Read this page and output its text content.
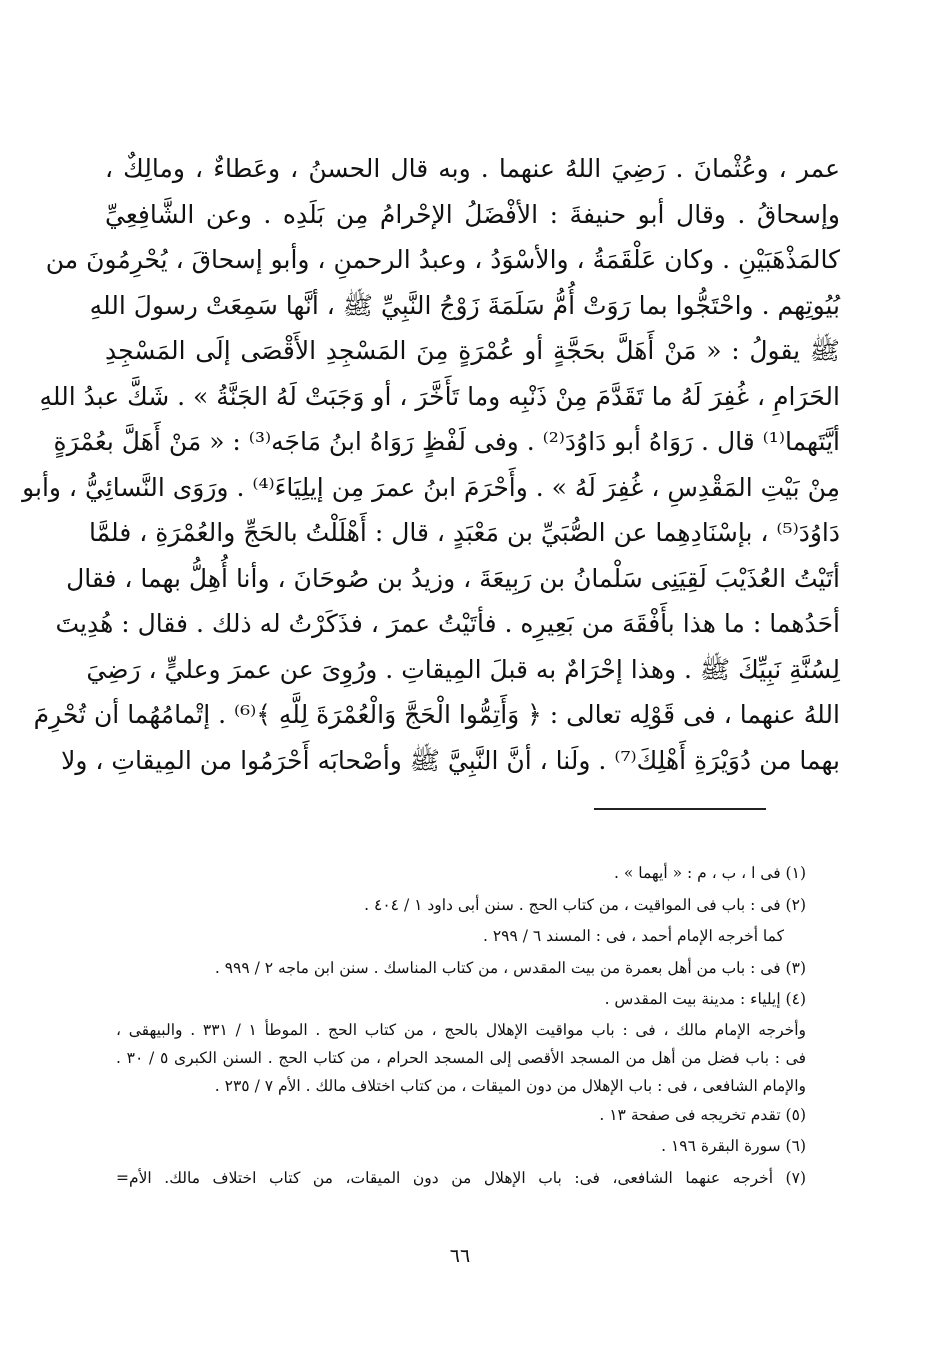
عمر ، وعُثْمانَ . رَضِيَ اللهُ عنهما . وبه قال الحسنُ ، وعَطاءٌ ، ومالِكٌ ،
وإسحاقُ . وقال أبو حنيفةَ : الأفْضَلُ الإحْرامُ مِن بَلَدِه . وعن الشَّافِعِيِّ
كالمَذْهَبَيْنِ . وكان عَلْقَمَةُ ، والأسْوَدُ ، وعبدُ الرحمنِ ، وأبو إسحاقَ ، يُحْرِمُونَ من
بُيُوتِهم . واحْتَجُّوا بما رَوَتْ أُمُّ سَلَمَةَ زَوْجُ النَّبِيِّ ﷺ ، أنَّها سَمِعَتْ رسولَ اللهِ
ﷺ يقولُ : « مَنْ أَهَلَّ بحَجَّةٍ أو عُمْرَةٍ مِنَ المَسْجِدِ الأَقْصَى إلَى المَسْجِدِ
الحَرَامِ ، غُفِرَ لَهُ ما تَقَدَّمَ مِنْ ذَنْبِه وما تَأَخَّرَ ، أو وَجَبَتْ لَهُ الجَنَّةُ » . شَكَّ عبدُ اللهِ
أيَّتَهما⁽¹⁾ قال . رَوَاهُ أبو دَاوُدَ⁽²⁾ . وفى لَفْظٍ رَوَاهُ ابنُ مَاجَه⁽³⁾ : « مَنْ أَهَلَّ بعُمْرَةٍ
مِنْ بَيْتِ المَقْدِسِ ، غُفِرَ لَهُ » . وأَحْرَمَ ابنُ عمرَ مِن إيلِيَاءَ⁽⁴⁾ . ورَوَى النَّسائِيُّ ، وأبو
دَاوُدَ⁽⁵⁾ ، بإسْنَادِهِما عن الصُّبَيِّ بن مَعْبَدٍ ، قال : أَهْلَلْتُ بالحَجِّ والعُمْرَةِ ، فلمَّا
أتَيْتُ العُذَيْبَ لَقِيَنِى سَلْمانُ بن رَبِيعَةَ ، وزيدُ بن صُوحَانَ ، وأنا أُهِلُّ بهما ، فقال
أحَدُهما : ما هذا بأَفْقَهَ من بَعِيرِه . فأتَيْتُ عمرَ ، فذَكَرْتُ له ذلك . فقال : هُدِيتَ
لِسُنَّةِ نَبِيِّكَ ﷺ . وهذا إحْرَامٌ به قبلَ المِيقاتِ . ورُوِىَ عن عمرَ وعليٍّ ، رَضِيَ
اللهُ عنهما ، فى قَوْلِه تعالى : ﴿ وَأَتِمُّوا الْحَجَّ وَالْعُمْرَةَ لِلَّهِ ﴾⁽⁶⁾ . إتْمامُهُما أن تُحْرِمَ
بهما من دُوَيْرَةِ أَهْلِكَ⁽⁷⁾ . ولَنا ، أنَّ النَّبِيَّ ﷺ وأصْحابَه أَحْرَمُوا من المِيقاتِ ، ولا
(١) فى ا ، ب ، م : « أيهما » .
(٢) فى : باب فى المواقيت ، من كتاب الحج . سنن أبى داود ١ / ٤٠٤ .
كما أخرجه الإمام أحمد ، فى : المسند ٦ / ٢٩٩ .
(٣) فى : باب من أهل بعمرة من بيت المقدس ، من كتاب المناسك . سنن ابن ماجه ٢ / ٩٩٩ .
(٤) إيلياء : مدينة بيت المقدس .
وأخرجه الإمام مالك ، فى : باب مواقيت الإهلال بالحج ، من كتاب الحج . الموطأ ١ / ٣٣١ . والبيهقى ،
فى : باب فضل من أهل من المسجد الأقصى إلى المسجد الحرام ، من كتاب الحج . السنن الكبرى ٥ / ٣٠ .
والإمام الشافعى ، فى : باب الإهلال من دون الميقات ، من كتاب اختلاف مالك . الأم ٧ / ٢٣٥ .
(٥) تقدم تخريجه فى صفحة ١٣ .
(٦) سورة البقرة ١٩٦ .
(٧) أخرجه عنهما الشافعى، فى: باب الإهلال من دون الميقات، من كتاب اختلاف مالك. الأم=
٦٦
